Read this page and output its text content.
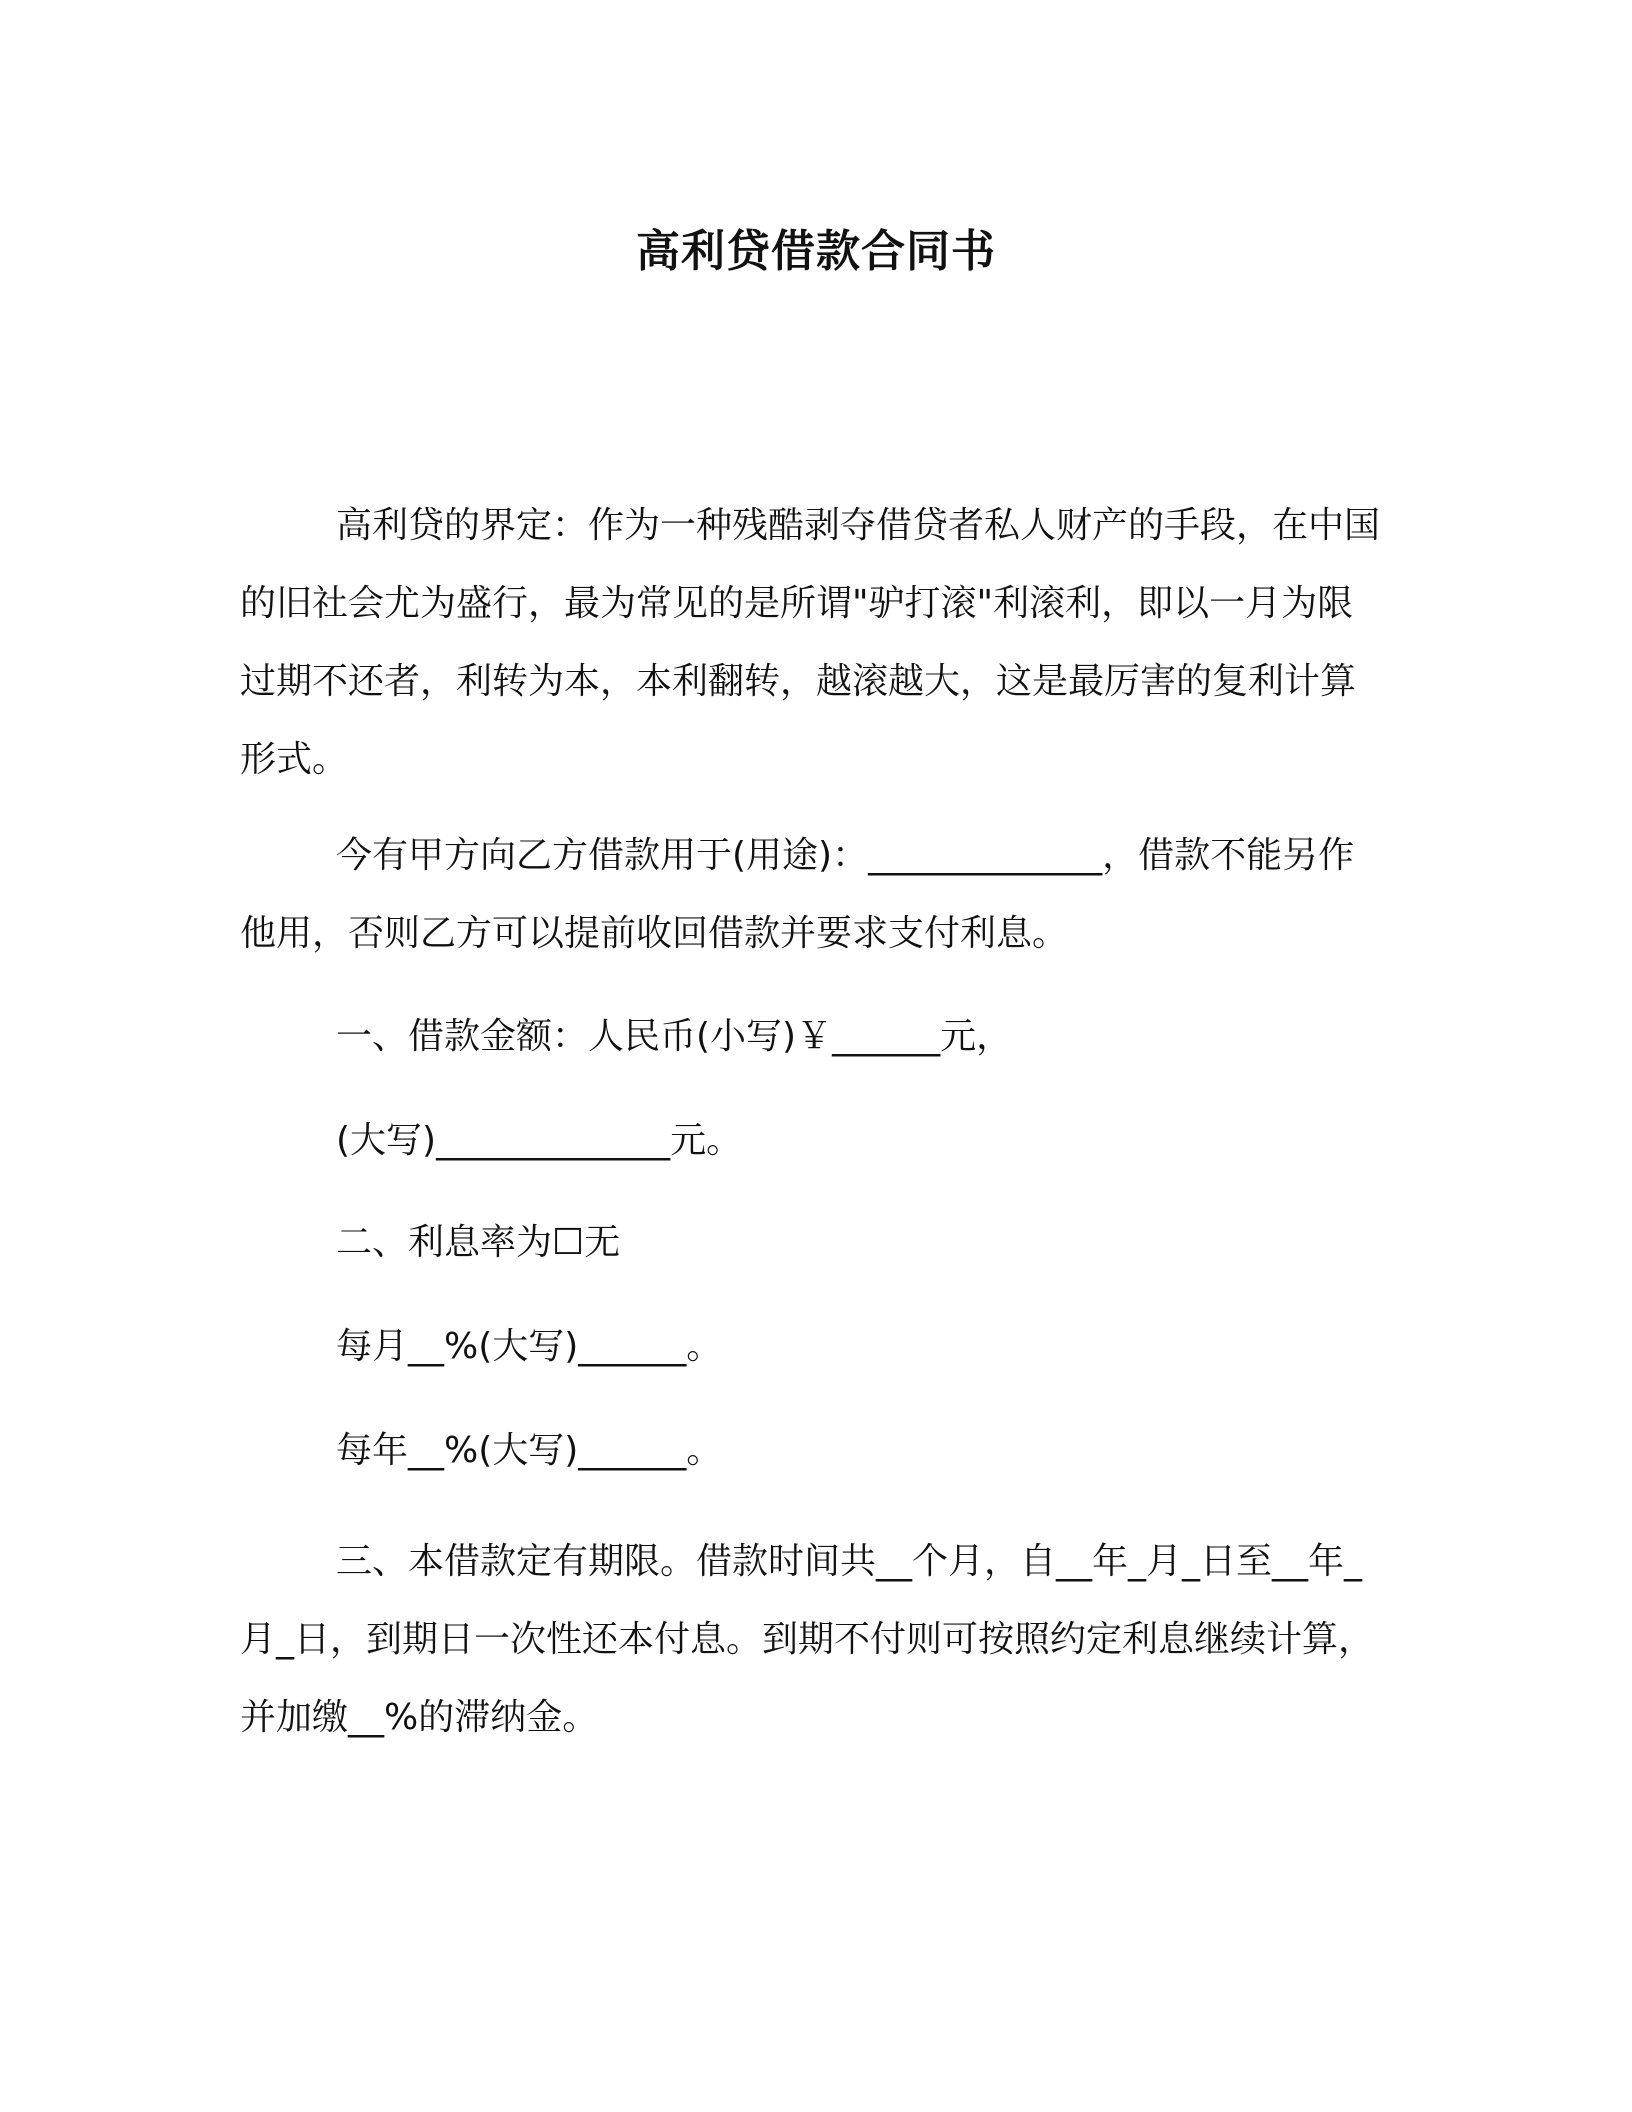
高利贷借款合同书
高利贷的界定：作为一种残酷剥夺借贷者私人财产的手段，在中国的旧社会尤为盛行，最为常见的是所谓"驴打滚"利滚利，即以一月为限过期不还者，利转为本，本利翻转，越滚越大，这是最厉害的复利计算形式。
今有甲方向乙方借款用于(用途)：_____________，借款不能另作他用，否则乙方可以提前收回借款并要求支付利息。
一、借款金额：人民币(小写)￥______元，
(大写)_____________元。
二、利息率为☐无
每月__%(大写)______。
每年__%(大写)______。
三、本借款定有期限。借款时间共__个月，自__年_月_日至__年_月_日，到期日一次性还本付息。到期不付则可按照约定利息继续计算，并加缴__%的滞纳金。
